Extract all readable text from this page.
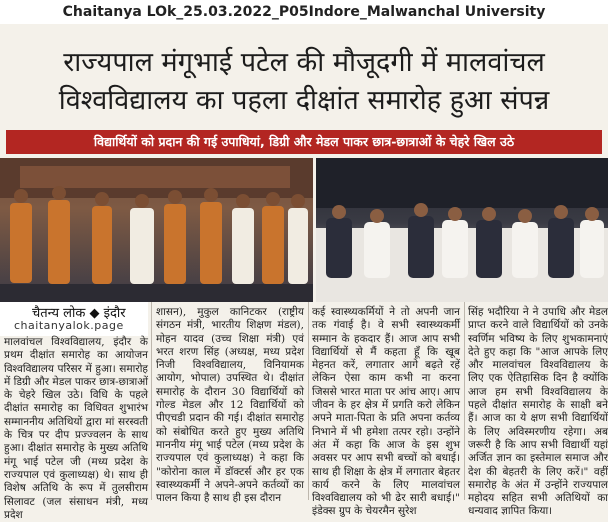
Chaitanya LOk_25.03.2022_P05Indore_Malwanchal University
राज्यपाल मंगूभाई पटेल की मौजूदगी में मालवांचल
विश्वविद्यालय का पहला दीक्षांत समारोह हुआ संपन्न
विद्यार्थियों को प्रदान की गई उपाधियां, डिग्री और मेडल पाकर छात्र-छात्राओं के चेहरे खिल उठे
चैतन्य लोक ◆ इंदौर
chaitanyalok.page
मालवांचल विश्वविद्यालय, इंदौर के प्रथम दीक्षांत समारोह का आयोजन विश्वविद्यालय परिसर में हुआ। समारोह में डिग्री और मेडल पाकर छात्र-छात्राओं के चेहरे खिल उठे। विधि के पहले दीक्षांत समारोह का विधिवत शुभारंभ सम्माननीय अतिथियों द्वारा मां सरस्वती के चित्र पर दीप प्रज्ज्वलन के साथ हुआ। दीक्षांत समारोह के मुख्य अतिथि मंगू भाई पटेल जी (मध्य प्रदेश के राज्यपाल एवं कुलाध्यक्ष) थे। साथ ही विशेष अतिथि के रूप में तुलसीराम सिलावट (जल संसाधन मंत्री, मध्य प्रदेश
शासन), मुकुल कानिटकर (राष्ट्रीय संगठन मंत्री, भारतीय शिक्षण मंडल), मोहन यादव (उच्च शिक्षा मंत्री) एवं भरत शरण सिंह (अध्यक्ष, मध्य प्रदेश निजी विश्वविद्यालय, विनियामक आयोग, भोपाल) उपस्थित थे। दीक्षांत समारोह के दौरान 30 विद्यार्थियों को गोल्ड मेडल और 12 विद्यार्थियों को पीएचडी प्रदान की गई। दीक्षांत समारोह को संबोधित करते हुए मुख्य अतिथि माननीय मंगू भाई पटेल (मध्य प्रदेश के राज्यपाल एवं कुलाध्यक्ष) ने कहा कि "कोरोना काल में डॉक्टर्स और हर एक स्वास्थ्यकर्मी ने अपने-अपने कर्तव्यों का पालन किया है साथ ही इस दौरान
कई स्वास्थ्यकर्मियों ने तो अपनी जान तक गंवाई है। वे सभी स्वास्थ्यकर्मी सम्मान के हकदार हैं। आज आप सभी विद्यार्थियों से मैं कहता हूँ कि खूब मेहनत करें, लगातार आगे बढ़ते रहें लेकिन ऐसा काम कभी ना करना जिससे भारत माता पर आंच आए। आप जीवन के हर क्षेत्र में प्रगति करो लेकिन अपने माता-पिता के प्रति अपना कर्तव्य निभाने में भी हमेशा तत्पर रहो। उन्होंने अंत में कहा कि आज के इस शुभ अवसर पर आप सभी बच्चों को बधाई। साथ ही शिक्षा के क्षेत्र में लगातार बेहतर कार्य करने के लिए मालवांचल विश्वविद्यालय को भी ढेर सारी बधाई।" इंडेक्स ग्रुप के चेयरमैन सुरेश
सिंह भदौरिया ने ने उपाधि और मेडल प्राप्त करने वाले विद्यार्थियों को उनके स्वर्णिम भविष्य के लिए शुभकामनाएं देते हुए कहा कि "आज आपके लिए और मालवांचल विश्वविद्यालय के लिए एक ऐतिहासिक दिन है क्योंकि आज हम सभी विश्वविद्यालय के पहले दीक्षांत समारोह के साक्षी बने हैं। आज का ये क्षण सभी विद्यार्थियों के लिए अविस्मरणीय रहेगा। अब जरूरी है कि आप सभी विद्यार्थी यहां अर्जित ज्ञान का इस्तेमाल समाज और देश की बेहतरी के लिए करें।" वहीं समारोह के अंत में उन्होंने राज्यपाल महोदय सहित सभी अतिथियों का धन्यवाद ज्ञापित किया।
